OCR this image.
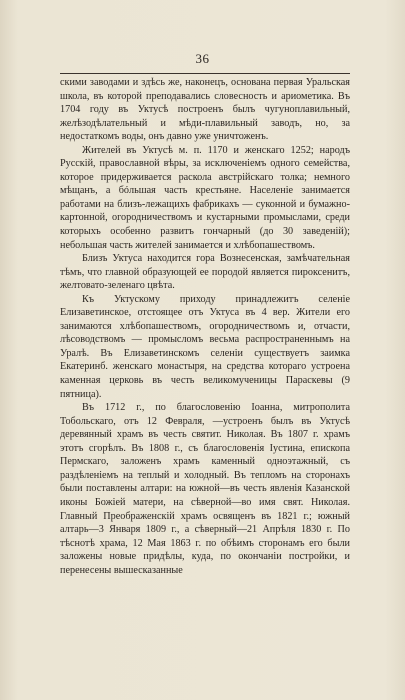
36

скими заводами и здѣсь же, наконецъ, основана первая Уральская школа, въ которой преподавались словесность и ариометика. Въ 1704 году въ Уктусѣ построенъ былъ чугуноплавильный, желѣзодѣлательный и мѣди-плавильный заводъ, но, за недостаткомъ воды, онъ давно уже уничтоженъ.

Жителей въ Уктусѣ м. п. 1170 и женскаго 1252; народъ Русскій, православной вѣры, за исключеніемъ одного семейства, которое придерживается раскола австрійскаго толка; немного мѣщанъ, а бóльшая часть крестьяне. Населеніе занимается работами на близъ-лежащихъ фабрикахъ — суконной и бумажно-картонной, огородничествомъ и кустарными промыслами, среди которыхъ особенно развитъ гончарный (до 30 заведеній); небольшая часть жителей занимается и хлѣбопашествомъ.

Близъ Уктуса находится гора Вознесенская, замѣчательная тѣмъ, что главной образующей ее породой является пироксенитъ, желтовато-зеленаго цвѣта.

Къ Уктускому приходу принадлежитъ селеніе Елизаветинское, отстоящее отъ Уктуса въ 4 вер. Жители его занимаются хлѣбопашествомъ, огородничествомъ и, отчасти, лѣсоводствомъ — промысломъ весьма распространеннымъ на Уралѣ. Въ Елизаветинскомъ селеніи существуетъ заимка Екатеринб. женскаго монастыря, на средства котораго устроена каменная церковь въ честь великомученицы Параскевы (9 пятница).

Въ 1712 г., по благословенію Іоанна, митрополита Тобольскаго, отъ 12 Февраля, —устроенъ былъ въ Уктусѣ деревянный храмъ въ честь святит. Николая. Въ 1807 г. храмъ этотъ сгорѣлъ. Въ 1808 г., съ благословенія Іустина, епископа Пермскаго, заложенъ храмъ каменный одноэтажный, съ раздѣленіемъ на теплый и холодный. Въ тепломъ на сторонахъ были поставлены алтари: на южной—въ честь явленія Казанской иконы Божіей матери, на сѣверной—во имя свят. Николая. Главный Преображенскій храмъ освященъ въ 1821 г.; южный алтарь—3 Января 1809 г., а сѣверный—21 Апрѣля 1830 г. По тѣснотѣ храма, 12 Мая 1863 г. по обѣимъ сторонамъ его были заложены новые придѣлы, куда, по окончаніи постройки, и перенесены вышесказанные
